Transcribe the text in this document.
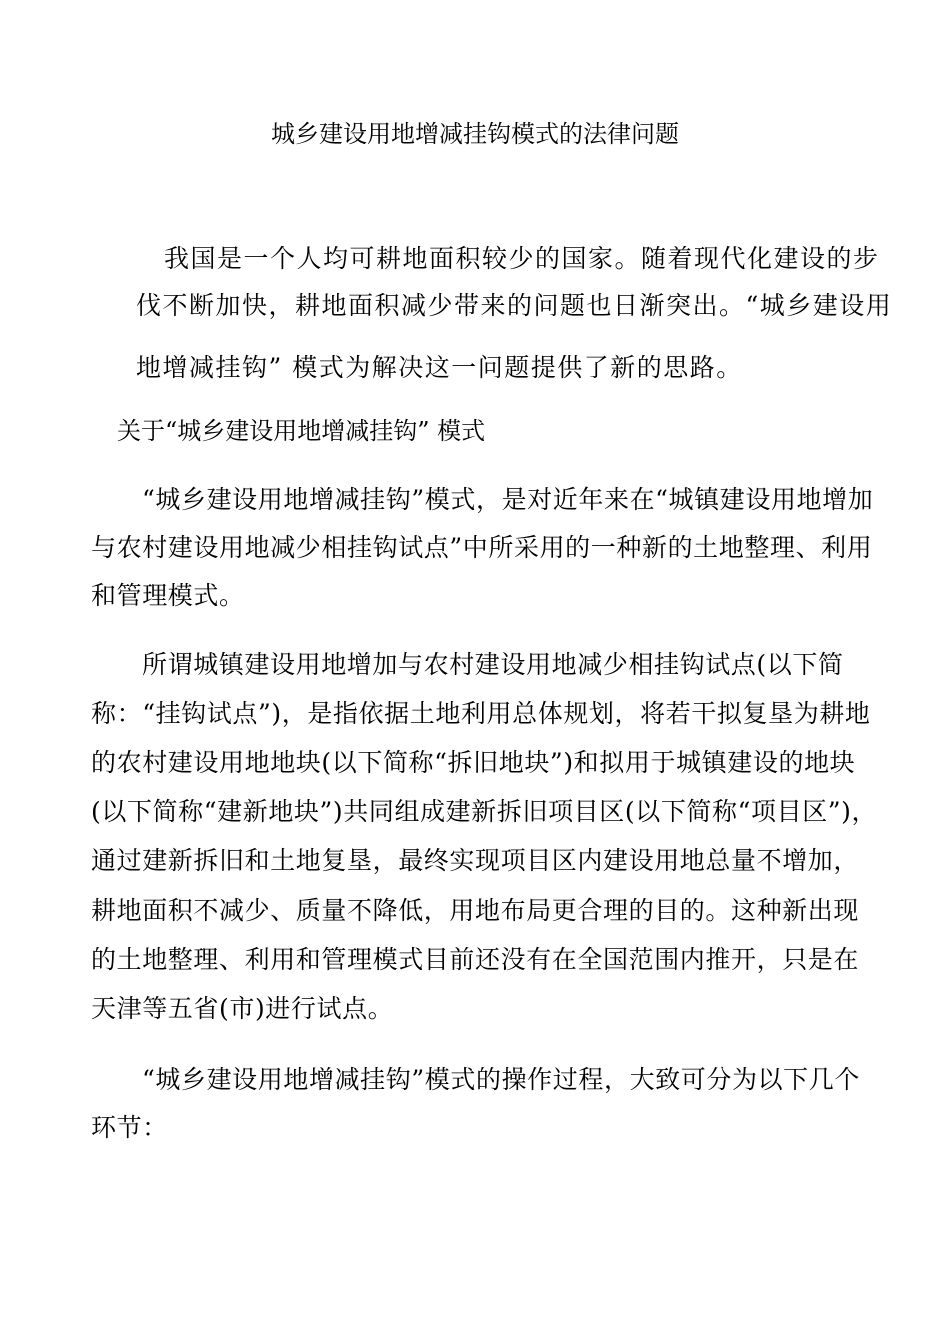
城乡建设用地增减挂钩模式的法律问题
我国是一个人均可耕地面积较少的国家。随着现代化建设的步
伐不断加快，耕地面积减少带来的问题也日渐突出。“城乡建设用
地增减挂钩” 模式为解决这一问题提供了新的思路。
关于“城乡建设用地增减挂钩” 模式
“城乡建设用地增减挂钩”模式，是对近年来在“城镇建设用地增加
与农村建设用地减少相挂钩试点”中所采用的一种新的土地整理、利用
和管理模式。
所谓城镇建设用地增加与农村建设用地减少相挂钩试点(以下简
称：“挂钩试点”)，是指依据土地利用总体规划，将若干拟复垦为耕地
的农村建设用地地块(以下简称“拆旧地块”)和拟用于城镇建设的地块
(以下简称“建新地块”)共同组成建新拆旧项目区(以下简称“项目区”)，
通过建新拆旧和土地复垦，最终实现项目区内建设用地总量不增加，
耕地面积不减少、质量不降低，用地布局更合理的目的。这种新出现
的土地整理、利用和管理模式目前还没有在全国范围内推开，只是在
天津等五省(市)进行试点。
“城乡建设用地增减挂钩”模式的操作过程，大致可分为以下几个
环节：
